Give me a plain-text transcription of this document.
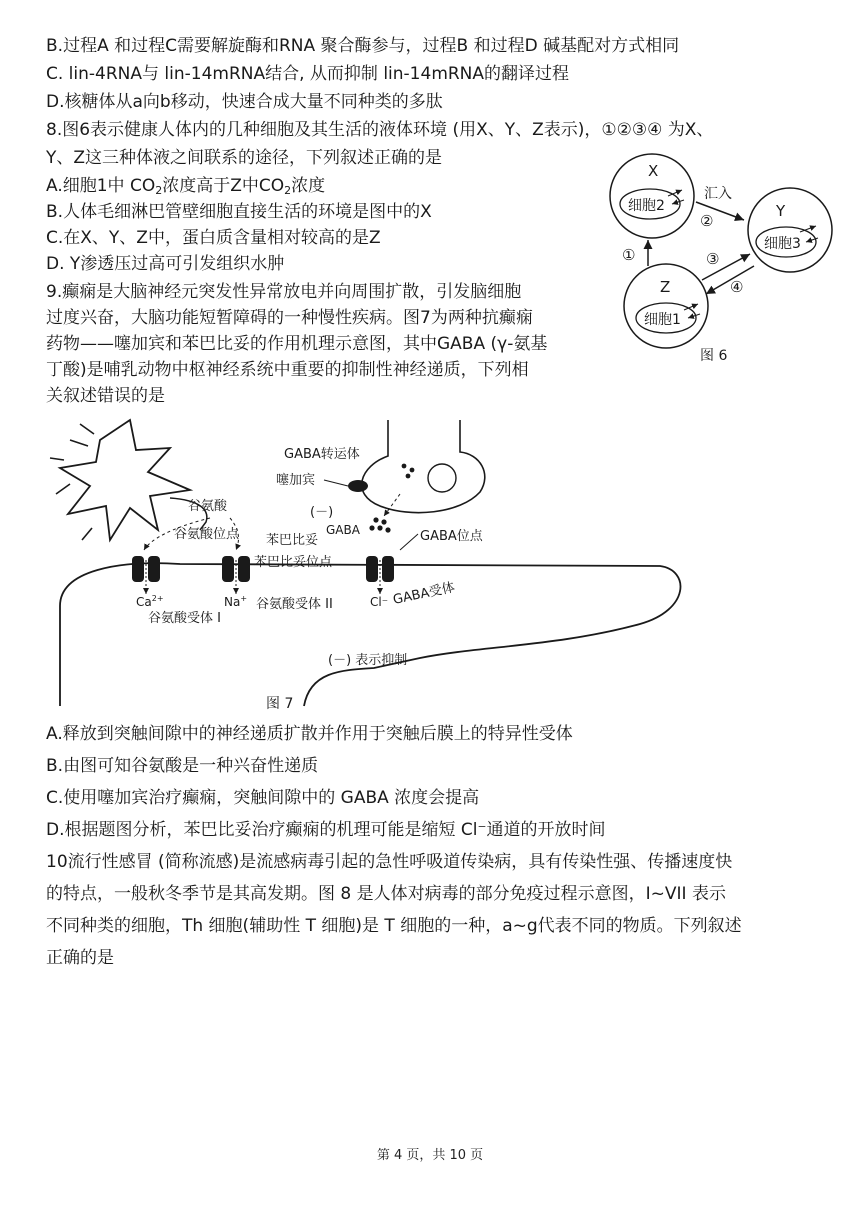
B.过程A 和过程C需要解旋酶和RNA 聚合酶参与，过程B 和过程D 碱基配对方式相同

C. lin-4RNA与 lin-14mRNA结合, 从而抑制 lin-14mRNA的翻译过程

D.核糖体从a向b移动，快速合成大量不同种类的多肽

8.图6表示健康人体内的几种细胞及其生活的液体环境 (用X、Y、Z表示)，①②③④ 为X、

Y、Z这三种体液之间联系的途径，下列叙述正确的是

A.细胞1中 $CO_2$浓度高于Z中$CO_2$浓度

B.人体毛细淋巴管壁细胞直接生活的环境是图中的X

C.在X、Y、Z中，蛋白质含量相对较高的是Z

D. Y渗透压过高可引发组织水肿

X
细胞2	Y
细胞3
Z
细胞1
汇入
②
①	③
④
图 6

9.癫痫是大脑神经元突发性异常放电并向周围扩散，引发脑细胞

过度兴奋，大脑功能短暂障碍的一种慢性疾病。图7为两种抗癫痫

药物——噻加宾和苯巴比妥的作用机理示意图，其中GABA (γ-氨基

丁酸)是哺乳动物中枢神经系统中重要的抑制性神经递质，下列相

关叙述错误的是

谷氨酸
谷氨酸位点
GABA转运体
噻加宾
(－)
GABA
苯巴比妥	GABA位点
苯巴比妥位点
$Ca^{2+}$	Na+	Cl⁻
谷氨酸受体 I
谷氨酸受体 II	GABA受体
(－) 表示抑制
图 7

A.释放到突触间隙中的神经递质扩散并作用于突触后膜上的特异性受体

B.由图可知谷氨酸是一种兴奋性递质

C.使用噻加宾治疗癫痫，突触间隙中的 GABA 浓度会提高

D.根据题图分析，苯巴比妥治疗癫痫的机理可能是缩短 Cl⁻通道的开放时间

10流行性感冒 (简称流感)是流感病毒引起的急性呼吸道传染病，具有传染性强、传播速度快

的特点，一般秋冬季节是其高发期。图 8 是人体对病毒的部分免疫过程示意图，I~VII 表示

不同种类的细胞，Th 细胞(辅助性 T 细胞)是 T 细胞的一种，a~g代表不同的物质。下列叙述

正确的是

第 4 页，共 10 页
